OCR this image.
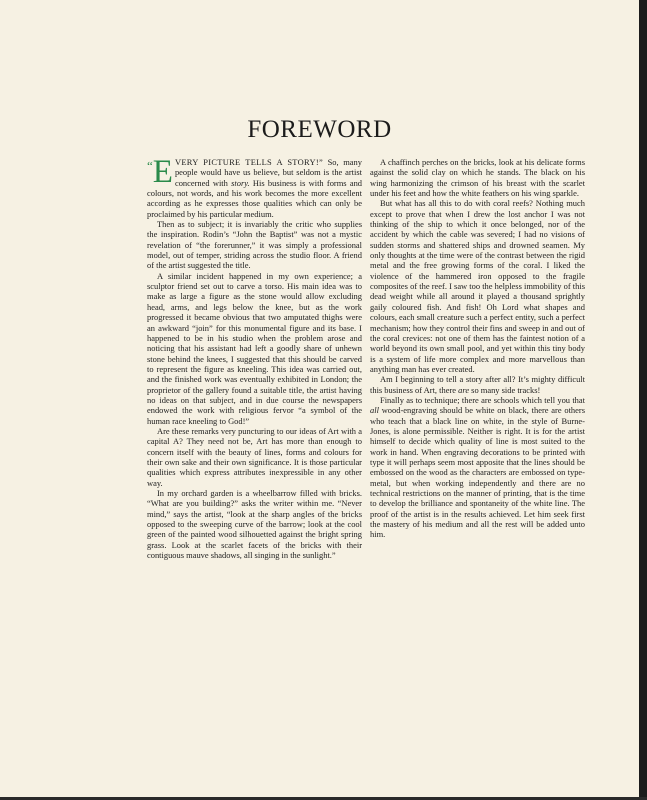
FOREWORD

“E VERY PICTURE TELLS A STORY!” So, many people would have us believe, but seldom is the artist concerned with story. His business is with forms and colours, not words, and his work becomes the more excellent according as he expresses those qualities which can only be proclaimed by his particular medium.

Then as to subject; it is invariably the critic who supplies the inspiration. Rodin’s “John the Baptist” was not a mystic revelation of “the forerunner,” it was simply a professional model, out of temper, striding across the studio floor. A friend of the artist suggested the title.

A similar incident happened in my own experience; a sculptor friend set out to carve a torso. His main idea was to make as large a figure as the stone would allow excluding head, arms, and legs below the knee, but as the work progressed it became obvious that two amputated thighs were an awkward “join” for this monumental figure and its base. I happened to be in his studio when the problem arose and noticing that his assistant had left a goodly share of unhewn stone behind the knees, I suggested that this should be carved to represent the figure as kneeling. This idea was carried out, and the finished work was eventually exhibited in London; the proprietor of the gallery found a suitable title, the artist having no ideas on that subject, and in due course the newspapers endowed the work with religious fervor “a symbol of the human race kneeling to God!”

Are these remarks very puncturing to our ideas of Art with a capital A? They need not be, Art has more than enough to concern itself with the beauty of lines, forms and colours for their own sake and their own significance. It is those particular qualities which express attributes inexpressible in any other way.

In my orchard garden is a wheelbarrow filled with bricks. “What are you building?” asks the writer within me. “Never mind,” says the artist, “look at the sharp angles of the bricks opposed to the sweeping curve of the barrow; look at the cool green of the painted wood silhouetted against the bright spring grass. Look at the scarlet facets of the bricks with their contiguous mauve shadows, all singing in the sunlight.”

A chaffinch perches on the bricks, look at his delicate forms against the solid clay on which he stands. The black on his wing harmonizing the crimson of his breast with the scarlet under his feet and how the white feathers on his wing sparkle.

But what has all this to do with coral reefs? Nothing much except to prove that when I drew the lost anchor I was not thinking of the ship to which it once belonged, nor of the accident by which the cable was severed; I had no visions of sudden storms and shattered ships and drowned seamen. My only thoughts at the time were of the contrast between the rigid metal and the free growing forms of the coral. I liked the violence of the hammered iron opposed to the fragile composites of the reef. I saw too the helpless immobility of this dead weight while all around it played a thousand sprightly gaily coloured fish. And fish! Oh Lord what shapes and colours, each small creature such a perfect entity, such a perfect mechanism; how they control their fins and sweep in and out of the coral crevices: not one of them has the faintest notion of a world beyond its own small pool, and yet within this tiny body is a system of life more complex and more marvellous than anything man has ever created.

Am I beginning to tell a story after all? It’s mighty difficult this business of Art, there are so many side tracks!

Finally as to technique; there are schools which tell you that all wood-engraving should be white on black, there are others who teach that a black line on white, in the style of Burne-Jones, is alone permissible. Neither is right. It is for the artist himself to decide which quality of line is most suited to the work in hand. When engraving decorations to be printed with type it will perhaps seem most apposite that the lines should be embossed on the wood as the characters are embossed on type-metal, but when working independently and there are no technical restrictions on the manner of printing, that is the time to develop the brilliance and spontaneity of the white line. The proof of the artist is in the results achieved. Let him seek first the mastery of his medium and all the rest will be added unto him.
